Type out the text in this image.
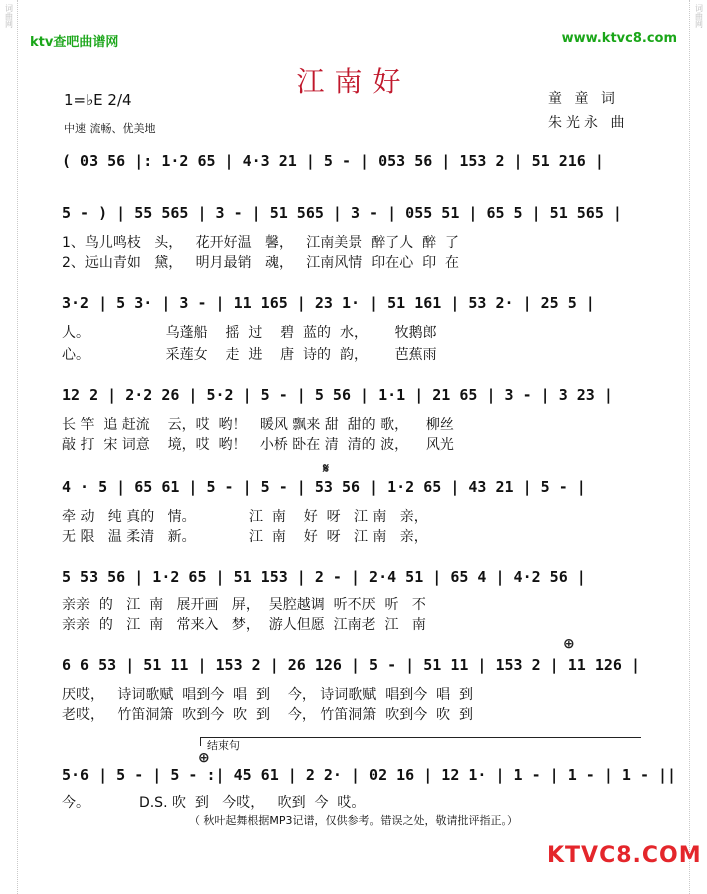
词曲网	词曲网
ktv查吧曲谱网	www.ktvc8.com
江南好
1=♭E 2/4
中速 流畅、优美地
童 童 词
朱光永 曲
( 03 56 |: 1·2 65 | 4·3 21 | 5 - | 053 56 | 153 2 | 51 216 |
5 - ) | 55 565 | 3 - | 51 565 | 3 - | 055 51 | 65 5 | 51 565 |
1、鸟儿鸣枝   头，   花开好温   馨，   江南美景  醉了人  醉  了
2、远山青如   黛，   明月最销   魂，   江南风情  印在心  印  在
3·2 | 5 3· | 3 - | 11 165 | 23 1· | 51 161 | 53 2· | 25 5 |
人。                 乌蓬船    摇  过    碧  蓝的  水，      牧鹅郎
心。                 采莲女    走  进    唐  诗的  韵，      芭蕉雨
12 2 | 2·2 26 | 5·2 | 5 - | 5 56 | 1·1 | 21 65 | 3 - | 3 23 |
长 竿  追 赶流    云，哎  哟！   暖风 飘来 甜  甜的 歌，    柳丝
敲 打  宋 词意    境，哎  哟！   小桥 卧在 清  清的 波，    风光
𝄋
4 · 5 | 65 61 | 5 - | 5 - | 53 56 | 1·2 65 | 43 21 | 5 - |
牵 动   纯 真的   情。            江  南    好  呀   江 南   亲，
无 限   温 柔清   新。            江  南    好  呀   江 南   亲，
5 53 56 | 1·2 65 | 51 153 | 2 - | 2·4 51 | 65 4 | 4·2 56 |
亲亲  的   江  南   展开画   屏，  吴腔越调  听不厌  听   不
亲亲  的   江  南   常来入   梦，  游人但愿  江南老  江   南
⊕
6 6 53 | 51 11 | 153 2 | 26 126 | 5 - | 51 11 | 153 2 | 11 126 |
厌哎，   诗词歌赋  唱到今  唱  到    今， 诗词歌赋  唱到今  唱  到
老哎，   竹笛洞箫  吹到今  吹  到    今， 竹笛洞箫  吹到今  吹  到
结束句
⊕
5·6 | 5 - | 5 - :| 45 61 | 2 2· | 02 16 | 12 1· | 1 - | 1 - | 1 - ||
今。           D.S. 吹  到   今哎，   吹到  今  哎。
（ 秋叶起舞根据MP3记谱，仅供参考。错误之处，敬请批评指正。）
KTVC8.COM
